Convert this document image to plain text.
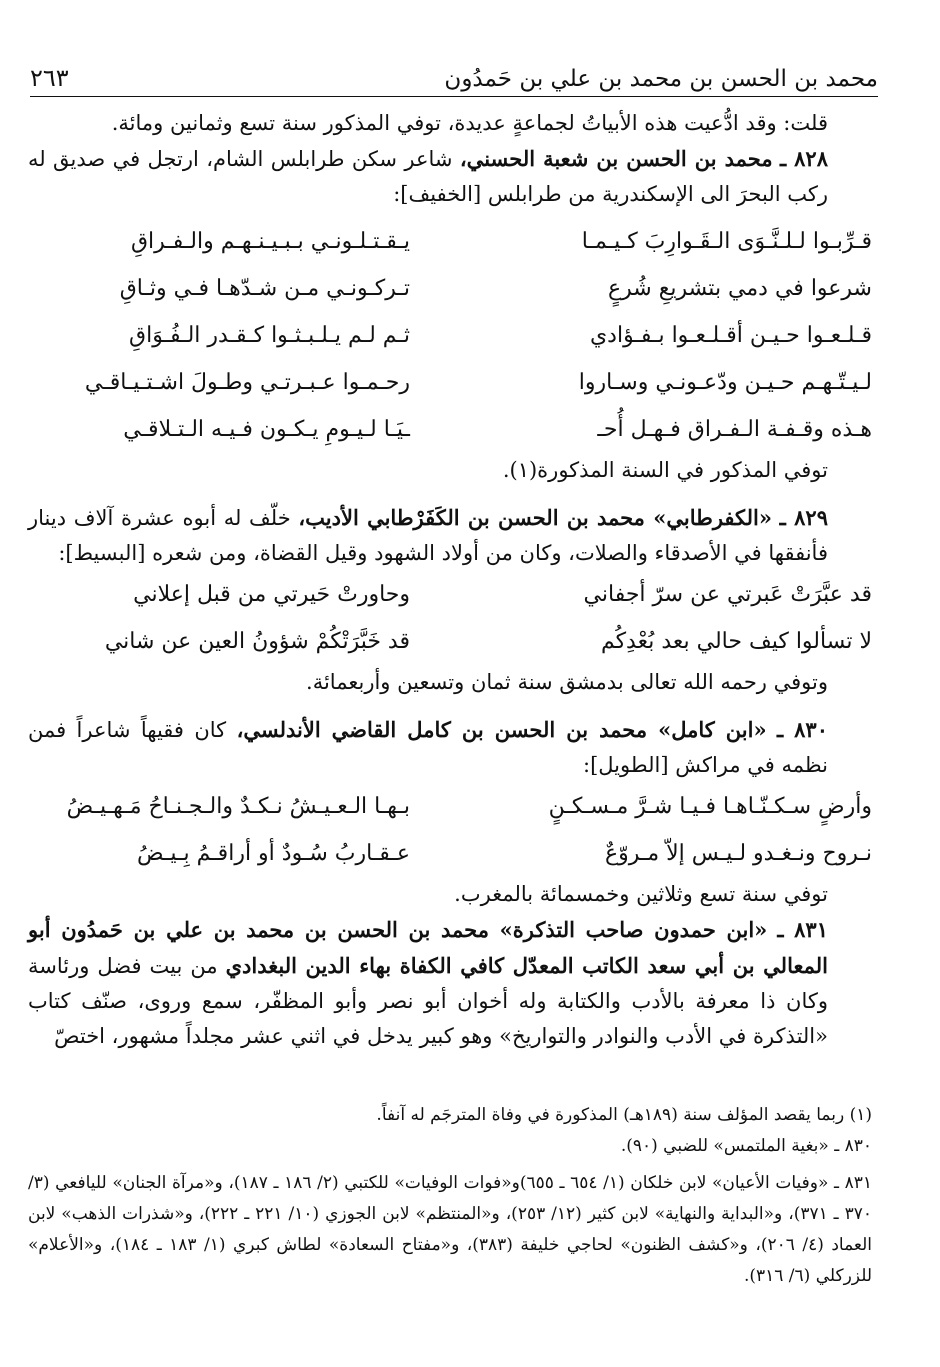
محمد بن الحسن بن محمد بن علي بن حَمدُون
٢٦٣

قلت: وقد ادُّعيت هذه الأبياتُ لجماعةٍ عديدة، توفي المذكور سنة تسع وثمانين ومائة.

٨٢٨ ـ محمد بن الحسن بن شعبة الحسني، شاعر سكن طرابلس الشام، ارتجل في صديق له ركب البحرَ الى الإسكندرية من طرابلس [الخفيف]:

قـرِّبـوا لـلـنَّـوَى الـقَـوارِبَ كـيـمـا
يـقـتـلـونـي بـبـيـنـهـم والـفـراقِ
شرعوا في دمي بتشريعِ شُرعٍ
تـركـونـي مـن شـدّهـا فـي وثـاقِ
قـلـعـوا حـيـن أقـلـعـوا بـفـؤادي
ثـم لـم يـلـبـثـوا كـقـدر الـفُـوَاقِ
لـيـتّـهـم حـيـن ودّعـونـي وسـاروا
رحـمـوا عـبـرتـي وطـولَ اشـتـيـاقـي
هـذه وقـفـة الـفـراق فـهـل أُحـ
ـيَـا لـيـومِ يـكـون فـيـه الـتـلاقـي

توفي المذكور في السنة المذكورة(١).

٨٢٩ ـ «الكفرطابي» محمد بن الحسن بن الكَفَرْطابي الأديب، خلّف له أبوه عشرة آلاف دينار فأنفقها في الأصدقاء والصلات، وكان من أولاد الشهود وقيل القضاة، ومن شعره [البسيط]:

قد عبَّرَتْ عَبرتي عن سرّ أجفاني
وحاورتْ حَيرتي من قبل إعلاني
لا تسألوا كيف حالي بعد بُعْدِكُم
قد خَبَّرَتْكُمْ شؤونُ العين عن شاني

وتوفي رحمه الله تعالى بدمشق سنة ثمان وتسعين وأربعمائة.

٨٣٠ ـ «ابن كامل» محمد بن الحسن بن كامل القاضي الأندلسي، كان فقيهاً شاعراً فمن نظمه في مراكش [الطويل]:

وأرضٍ سـكـنّـاهـا فـيـا شـرَّ مـسـكـنٍ
بـهـا الـعـيـشُ نـكـدٌ والـجـنـاحُ مَـهـيـضُ
نـروح ونـغـدو لـيـس إلاّ مـروّعٌ
عـقـاربُ سُـودٌ أو أراقـمُ بِـيـضُ

توفي سنة تسع وثلاثين وخمسمائة بالمغرب.

٨٣١ ـ «ابن حمدون صاحب التذكرة» محمد بن الحسن بن محمد بن علي بن حَمدُون أبو المعالي بن أبي سعد الكاتب المعدّل كافي الكفاة بهاء الدين البغدادي من بيت فضل ورئاسة وكان ذا معرفة بالأدب والكتابة وله أخوان أبو نصر وأبو المظفّر، سمع وروى، صنّف كتاب «التذكرة في الأدب والنوادر والتواريخ» وهو كبير يدخل في اثني عشر مجلداً مشهور، اختصّ

(١) ربما يقصد المؤلف سنة (١٨٩هـ) المذكورة في وفاة المترجَم له آنفاً.

٨٣٠ ـ «بغية الملتمس» للضبي (٩٠).

٨٣١ ـ «وفيات الأعيان» لابن خلكان (١/ ٦٥٤ ـ ٦٥٥)و«فوات الوفيات» للكتبي (٢/ ١٨٦ ـ ١٨٧)، و«مرآة الجنان» لليافعي (٣/ ٣٧٠ ـ ٣٧١)، و«البداية والنهاية» لابن كثير (١٢/ ٢٥٣)، و«المنتظم» لابن الجوزي (١٠/ ٢٢١ ـ ٢٢٢)، و«شذرات الذهب» لابن العماد (٤/ ٢٠٦)، و«كشف الظنون» لحاجي خليفة (٣٨٣)، و«مفتاح السعادة» لطاش كبري (١/ ١٨٣ ـ ١٨٤)، و«الأعلام» للزركلي (٦/ ٣١٦).
